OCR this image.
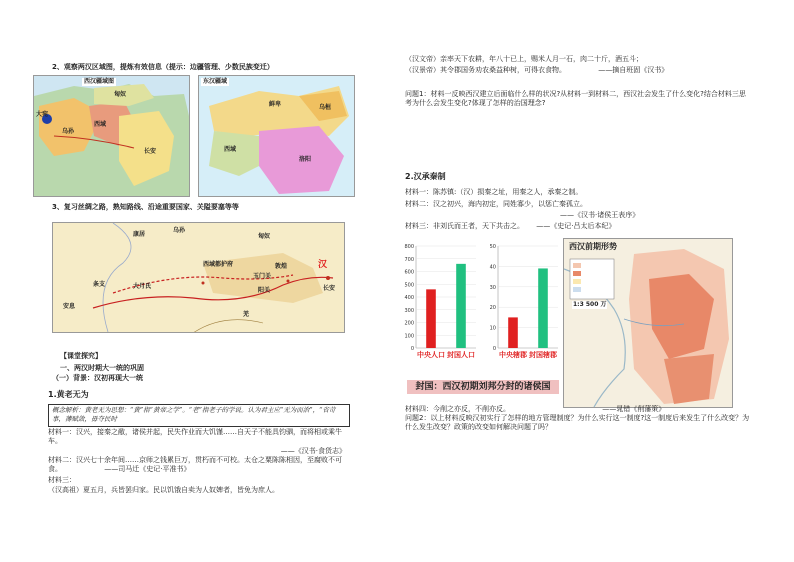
2、观察两汉区域图，提炼有效信息（提示：边疆管理、少数民族变迁）
西汉疆域图
大宛
乌孙
匈奴
西域
长安
东汉疆域
鲜卑	乌桓
洛阳
西域
3、复习丝绸之路，熟知路线、沿途重要国家、关隘要塞等等
康居
乌孙
匈奴
汉
长安
敦煌
玉门关
阳关
大月氏
安息
条支
西域都护府
羌
【课堂探究】
一、两汉时期大一统的巩固
（一）背景：汉初再现大一统
1.黄老无为
概念解析：黄老无为思想：“黄”指“黄帝之学”。“老”指老子的学说。认为君主应“无为而治”，“省苛事，薄赋敛，毋夺民时
材料一：汉兴，接秦之敝，诸侯并起，民失作业而大饥馑……自天子不能具钧驷，而将相或乘牛车。
——《汉书·食货志》
材料二：汉兴七十余年间……京师之钱累巨万，贯朽而不可校。太仓之粟陈陈相因，至腐败不可食。	——司马迁《史记·平准书》
材料三：
（汉高祖）夏五月，兵皆罢归家。民以饥饿自卖为人奴婢者，皆免为庶人。
（汉文帝）亲率天下农耕，年八十已上，赐米人月一石，肉二十斤，酒五斗；
（汉景帝）其令郡国务劝农桑益种树，可得衣食物。	——摘自班固《汉书》
问题1：材料一反映西汉建立后面临什么样的状况?从材料一到材料二，西汉社会发生了什么变化?结合材料三思考为什么会发生变化?体现了怎样的治国理念?
2.汉承秦制
材料一：陈苏镇:（汉）损秦之址，用秦之人，承秦之制。
材料二：汉之初兴，海内初定，同姓寡少，以惩亡秦孤立。
——《汉书·诸侯王表序》
材料三：非刘氏而王者，天下共击之。 ——《史记·吕太后本纪》
0
100
200
300
400
500
600
700
800
中央人口 封国人口
0
10
20
30
40
50
中央辖郡 封国辖郡
西汉前期形势
1:3 500 万
封国：西汉初期刘邦分封的诸侯国
材料四：今削之亦反，不削亦反。	——晁错《削藩策》
问题2：以上材料反映汉初实行了怎样的地方管理制度？为什么实行这一制度?这一制度后来发生了什么改变？为什么发生改变？政策的改变如何解决问题了吗？
